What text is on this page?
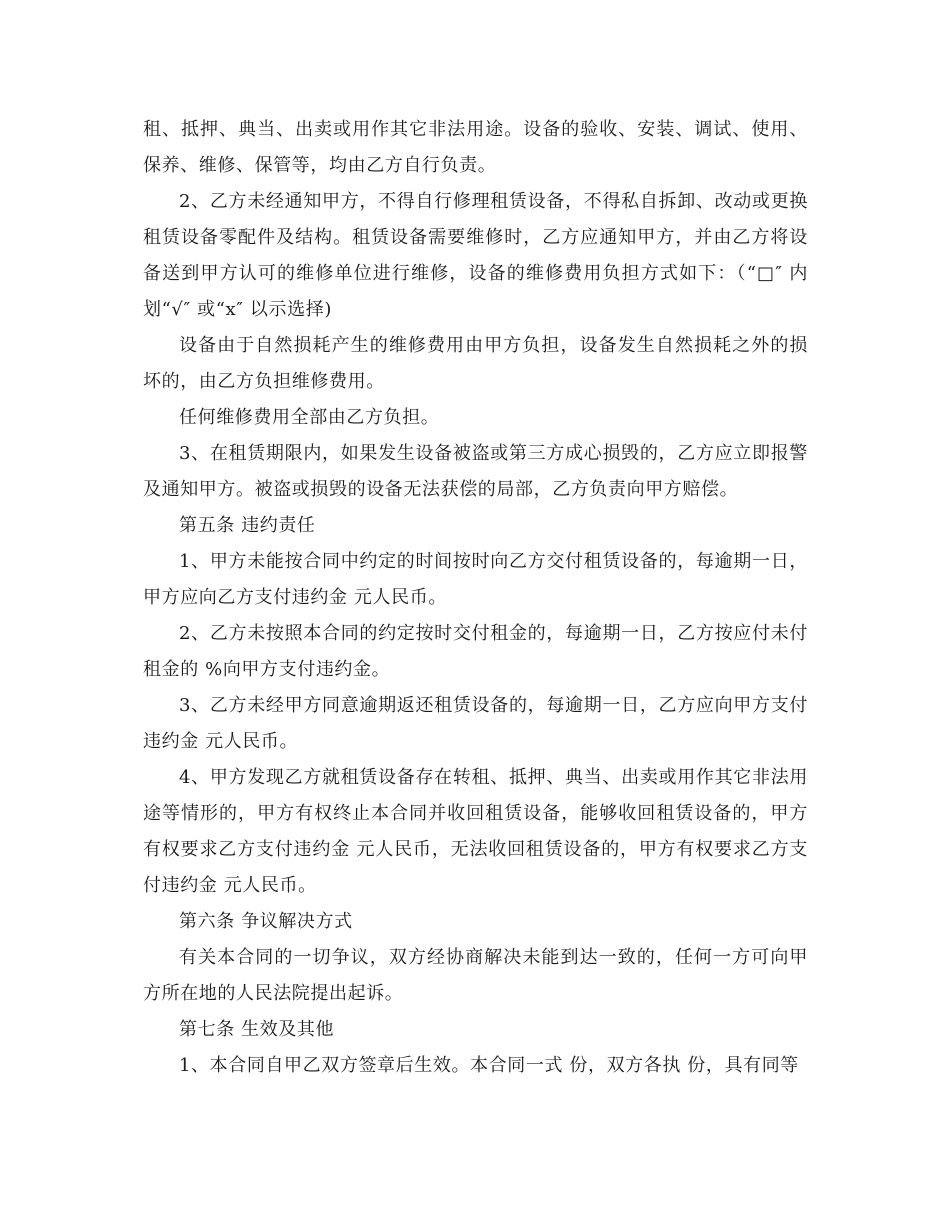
租、抵押、典当、出卖或用作其它非法用途。设备的验收、安装、调试、使用、保养、维修、保管等，均由乙方自行负责。

2、乙方未经通知甲方，不得自行修理租赁设备，不得私自拆卸、改动或更换租赁设备零配件及结构。租赁设备需要维修时，乙方应通知甲方，并由乙方将设备送到甲方认可的维修单位进行维修，设备的维修费用负担方式如下：（“□″ 内划“√″ 或“x″ 以示选择)

设备由于自然损耗产生的维修费用由甲方负担，设备发生自然损耗之外的损坏的，由乙方负担维修费用。

任何维修费用全部由乙方负担。

3、在租赁期限内，如果发生设备被盗或第三方成心损毁的，乙方应立即报警及通知甲方。被盗或损毁的设备无法获偿的局部，乙方负责向甲方赔偿。

第五条 违约责任

1、甲方未能按合同中约定的时间按时向乙方交付租赁设备的，每逾期一日，甲方应向乙方支付违约金 元人民币。

2、乙方未按照本合同的约定按时交付租金的，每逾期一日，乙方按应付未付租金的 %向甲方支付违约金。

3、乙方未经甲方同意逾期返还租赁设备的，每逾期一日，乙方应向甲方支付违约金 元人民币。

4、甲方发现乙方就租赁设备存在转租、抵押、典当、出卖或用作其它非法用途等情形的，甲方有权终止本合同并收回租赁设备，能够收回租赁设备的，甲方有权要求乙方支付违约金 元人民币，无法收回租赁设备的，甲方有权要求乙方支付违约金 元人民币。

第六条 争议解决方式

有关本合同的一切争议，双方经协商解决未能到达一致的，任何一方可向甲方所在地的人民法院提出起诉。

第七条 生效及其他

1、本合同自甲乙双方签章后生效。本合同一式 份，双方各执 份，具有同等
